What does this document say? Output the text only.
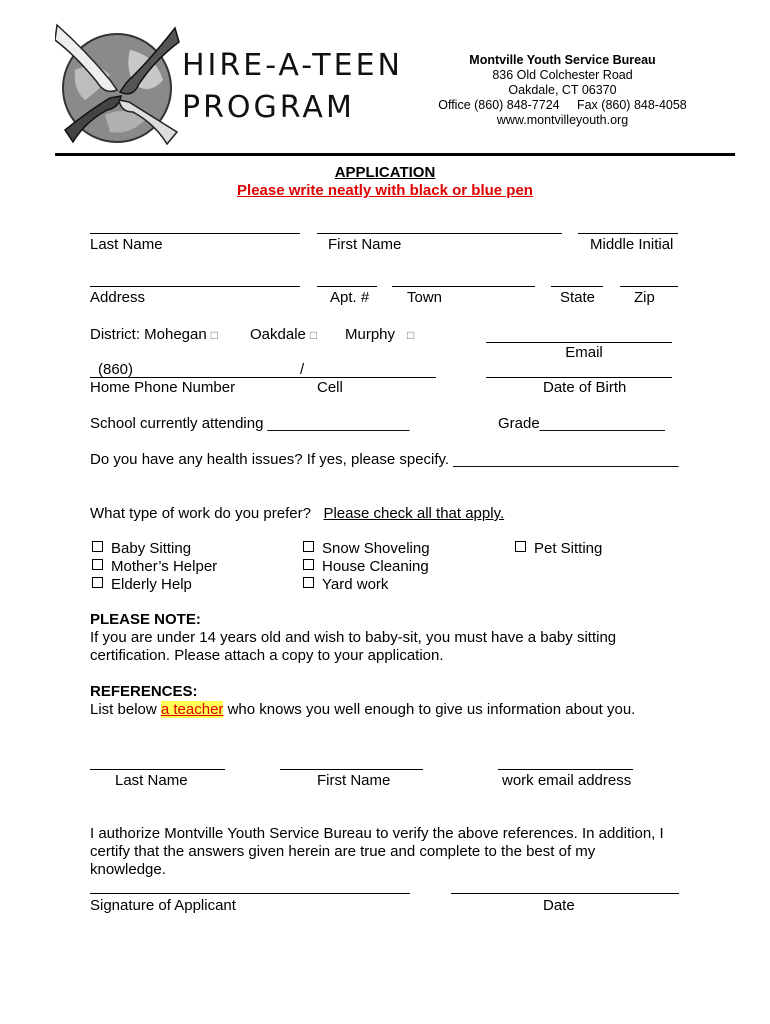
HIRE-A-TEEN
PROGRAM
Montville Youth Service Bureau
836 Old Colchester Road
Oakdale, CT 06370
Office (860) 848-7724     Fax (860) 848-4058
www.montvilleyouth.org
APPLICATION
Please write neatly with black or blue pen
Last Name	First Name	Middle Initial
Address	Apt. #	Town	State	Zip
District: Mohegan □ Oakdale □ Murphy □
Email
(860)	/
Home Phone Number	Cell	Date of Birth
School currently attending _________________	Grade_______________
Do you have any health issues? If yes, please specify. ___________________________
What type of work do you prefer? Please check all that apply.
Baby Sitting
Mother’s Helper
Elderly Help
Snow Shoveling
House Cleaning
Yard work
Pet Sitting
PLEASE NOTE:
If you are under 14 years old and wish to baby-sit, you must have a baby sitting
certification. Please attach a copy to your application.
REFERENCES:
List below a teacher who knows you well enough to give us information about you.
Last Name	First Name	work email address
I authorize Montville Youth Service Bureau to verify the above references. In addition, I
certify that the answers given herein are true and complete to the best of my
knowledge.
Signature of Applicant	Date
